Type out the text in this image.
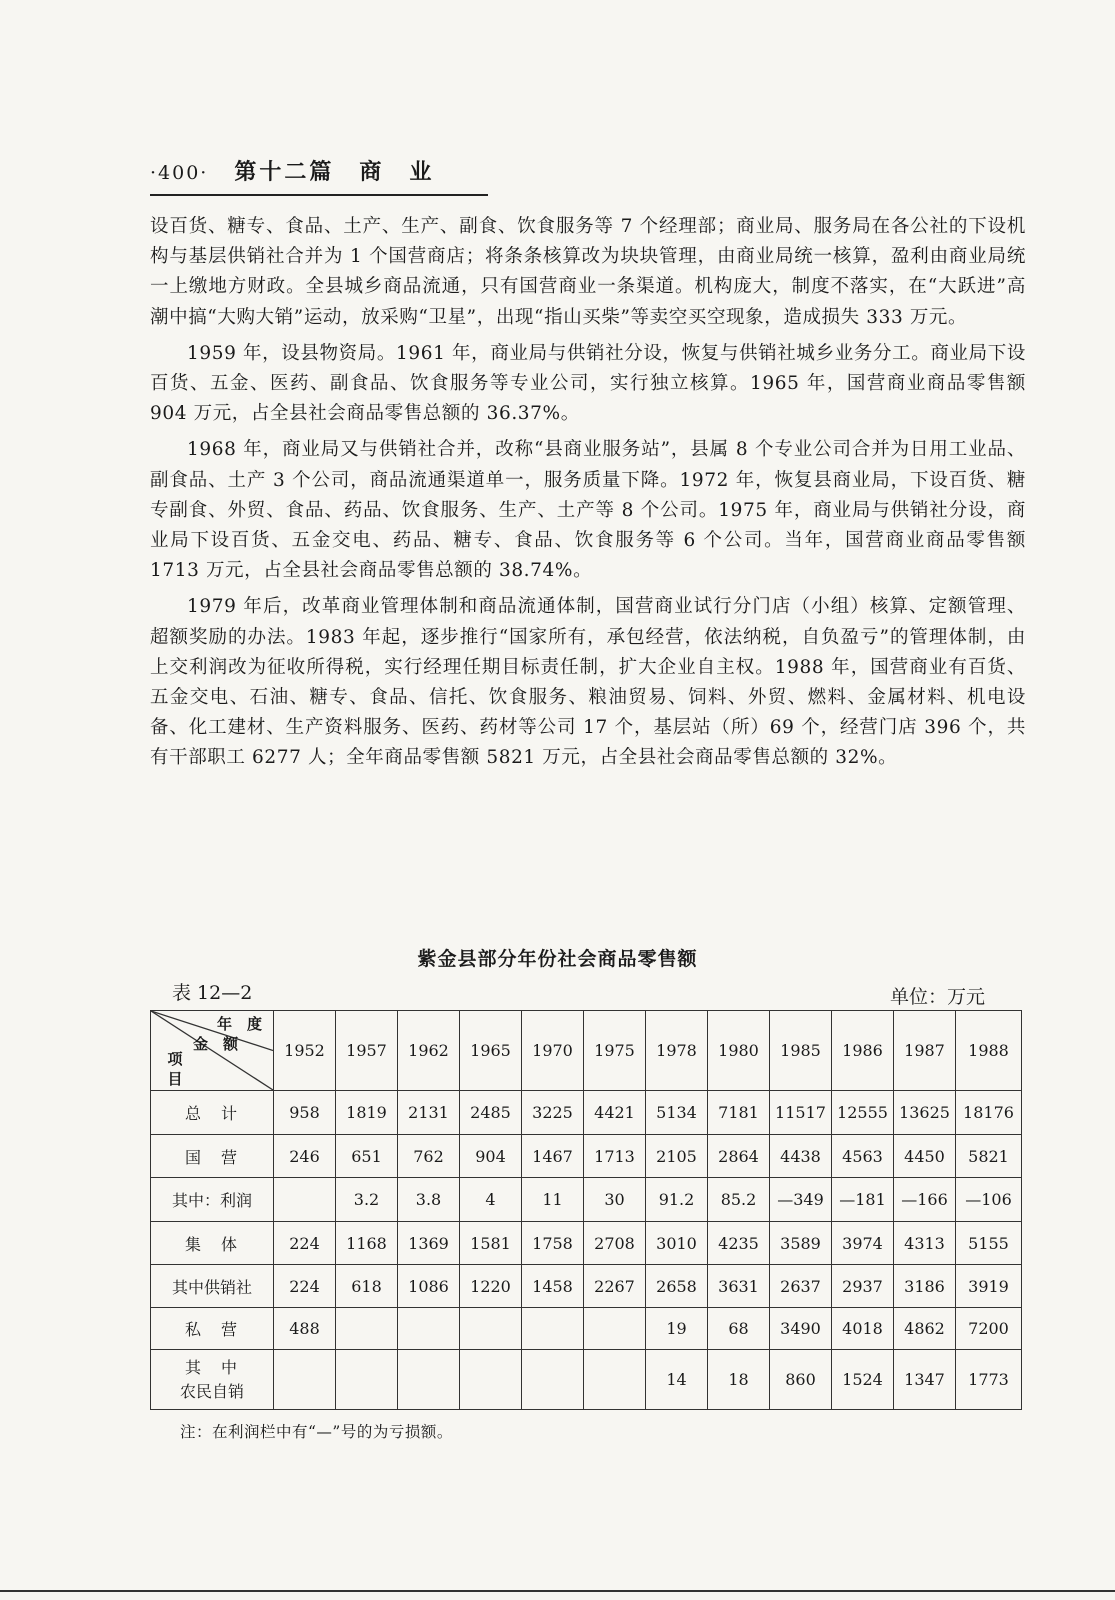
·400· 第十二篇　商　业

设百货、糖专、食品、土产、生产、副食、饮食服务等 7 个经理部；商业局、服务局在各公社的下设机构与基层供销社合并为 1 个国营商店；将条条核算改为块块管理，由商业局统一核算，盈利由商业局统一上缴地方财政。全县城乡商品流通，只有国营商业一条渠道。机构庞大，制度不落实，在“大跃进”高潮中搞“大购大销”运动，放采购“卫星”，出现“指山买柴”等卖空买空现象，造成损失 333 万元。

1959 年，设县物资局。1961 年，商业局与供销社分设，恢复与供销社城乡业务分工。商业局下设百货、五金、医药、副食品、饮食服务等专业公司，实行独立核算。1965 年，国营商业商品零售额 904 万元，占全县社会商品零售总额的 36.37%。

1968 年，商业局又与供销社合并，改称“县商业服务站”，县属 8 个专业公司合并为日用工业品、副食品、土产 3 个公司，商品流通渠道单一，服务质量下降。1972 年，恢复县商业局，下设百货、糖专副食、外贸、食品、药品、饮食服务、生产、土产等 8 个公司。1975 年，商业局与供销社分设，商业局下设百货、五金交电、药品、糖专、食品、饮食服务等 6 个公司。当年，国营商业商品零售额 1713 万元，占全县社会商品零售总额的 38.74%。

1979 年后，改革商业管理体制和商品流通体制，国营商业试行分门店（小组）核算、定额管理、超额奖励的办法。1983 年起，逐步推行“国家所有，承包经营，依法纳税，自负盈亏”的管理体制，由上交利润改为征收所得税，实行经理任期目标责任制，扩大企业自主权。1988 年，国营商业有百货、五金交电、石油、糖专、食品、信托、饮食服务、粮油贸易、饲料、外贸、燃料、金属材料、机电设备、化工建材、生产资料服务、医药、药材等公司 17 个，基层站（所）69 个，经营门店 396 个，共有干部职工 6277 人；全年商品零售额 5821 万元，占全县社会商品零售总额的 32%。

紫金县部分年份社会商品零售额
表 12—2	单位：万元
年　度
金　额
项　目	1952	1957	1962	1965	1970	1975	1978	1980	1985	1986	1987	1988
总　计	958	1819	2131	2485	3225	4421	5134	7181	11517	12555	13625	18176
国　营	246	651	762	904	1467	1713	2105	2864	4438	4563	4450	5821
其中：利润		3.2	3.8	4	11	30	91.2	85.2	—349	—181	—166	—106
集　体	224	1168	1369	1581	1758	2708	3010	4235	3589	3974	4313	5155
其中供销社	224	618	1086	1220	1458	2267	2658	3631	2637	2937	3186	3919
私　营	488						19	68	3490	4018	4862	7200

其　中
农民自销							14	18	860	1524	1347	1773
注：在利润栏中有“—”号的为亏损额。
